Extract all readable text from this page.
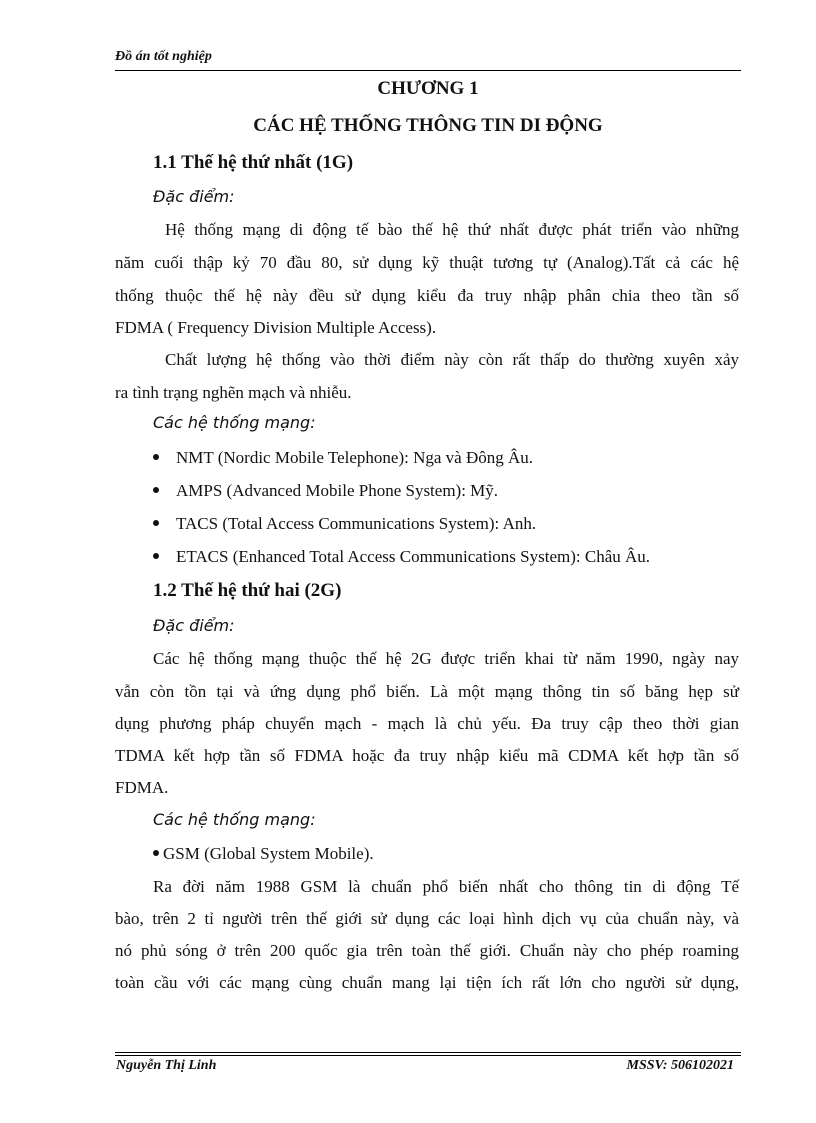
Đồ án tốt nghiệp
CHƯƠNG 1
CÁC HỆ THỐNG THÔNG TIN DI ĐỘNG
1.1 Thế hệ thứ nhất (1G)
Đặc điểm:
Hệ thống mạng di động tế bào thế hệ thứ nhất được phát triển vào những
năm cuối thập kỷ 70 đầu 80, sử dụng kỹ thuật tương tự (Analog).Tất cả các hệ
thống thuộc thế hệ này đều sử dụng kiểu đa truy nhập phân chia theo tần số
FDMA ( Frequency Division Multiple Access).
Chất lượng hệ thống vào thời điểm này còn rất thấp do thường xuyên xảy
ra tình trạng nghẽn mạch và nhiễu.
Các hệ thống mạng:
NMT (Nordic Mobile Telephone): Nga và Đông Âu.
AMPS (Advanced Mobile Phone System): Mỹ.
TACS (Total Access Communications System): Anh.
ETACS (Enhanced Total Access Communications System): Châu Âu.
1.2 Thế hệ thứ hai (2G)
Đặc điểm:
Các hệ thống mạng thuộc thế hệ 2G được triển khai từ năm 1990, ngày nay
vẫn còn tồn tại và ứng dụng phổ biến. Là một mạng thông tin số băng hẹp sử
dụng phương pháp chuyển mạch - mạch là chủ yếu. Đa truy cập theo thời gian
TDMA kết hợp tần số FDMA hoặc đa truy nhập kiểu mã CDMA kết hợp tần số
FDMA.
Các hệ thống mạng:
GSM (Global System Mobile).
Ra đời năm 1988 GSM là chuẩn phổ biến nhất cho thông tin di động Tế
bào, trên 2 tỉ người trên thế giới sử dụng các loại hình dịch vụ của chuẩn này, và
nó phủ sóng ở trên 200 quốc gia trên toàn thế giới. Chuẩn này cho phép roaming
toàn cầu với các mạng cùng chuẩn mang lại tiện ích rất lớn cho người sử dụng,
Nguyễn Thị Linh	MSSV: 506102021
